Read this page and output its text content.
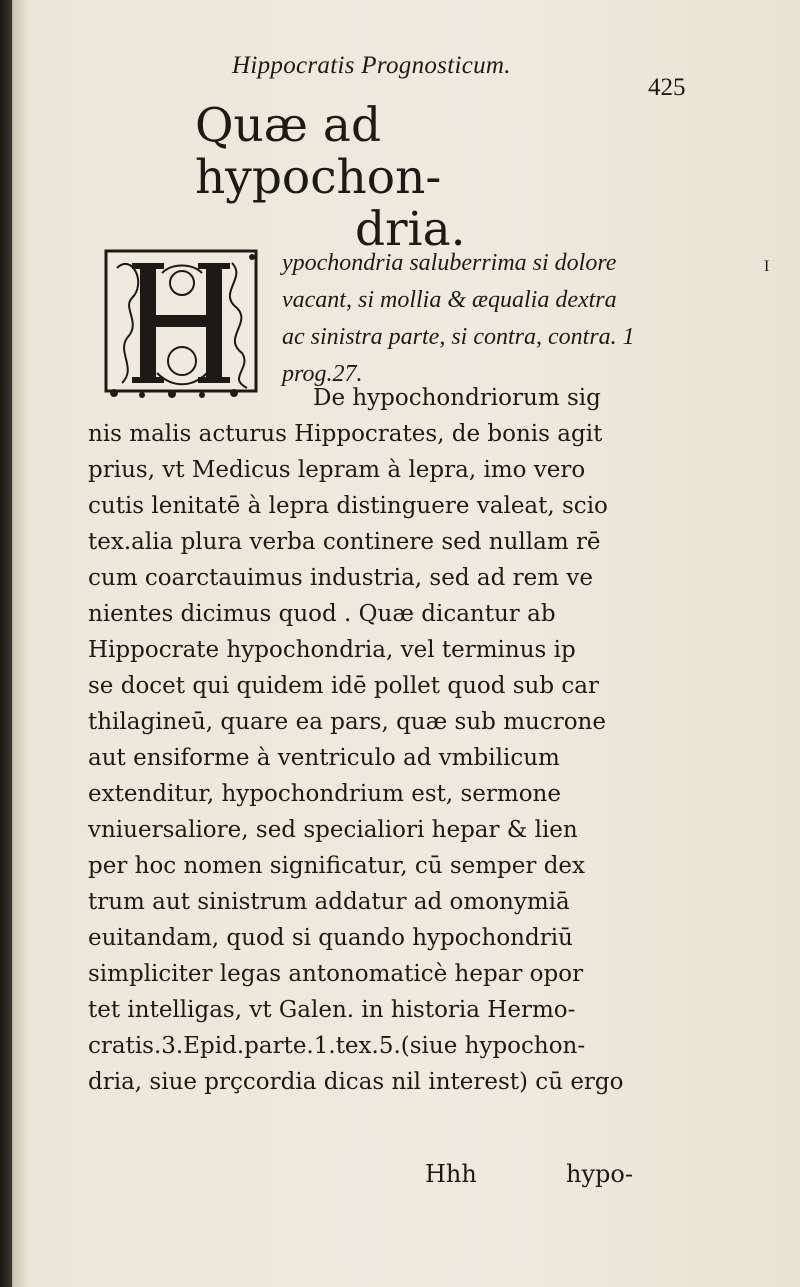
Hippocratis Prognosticum.
425
Quæ ad hypochon-
dria.
I
ypochondria saluberrima si dolore
vacant, si mollia & æqualia dextra
ac sinistra parte, si contra, contra. 1
prog.27.
De hypochondriorum sig
nis malis acturus Hippocrates, de bonis agit
prius, vt Medicus lepram à lepra, imo vero
cutis lenitatē à lepra distinguere valeat, scio
tex.alia plura verba continere sed nullam rē
cum coarctauimus industria, sed ad rem ve
nientes dicimus quod . Quæ dicantur ab
Hippocrate hypochondria, vel terminus ip
se docet qui quidem idē pollet quod sub car
thilagineū, quare ea pars, quæ sub mucrone
aut ensiforme à ventriculo ad vmbilicum
extenditur, hypochondrium est, sermone
vniuersaliore, sed specialiori hepar & lien
per hoc nomen significatur, cū semper dex
trum aut sinistrum addatur ad omonymiā
euitandam, quod si quando hypochondriū
simpliciter legas antonomaticè hepar opor
tet intelligas, vt Galen. in historia Hermo-
cratis.3.Epid.parte.1.tex.5.(siue hypochon-
dria, siue prçcordia dicas nil interest) cū ergo
Hhh	hypo-
